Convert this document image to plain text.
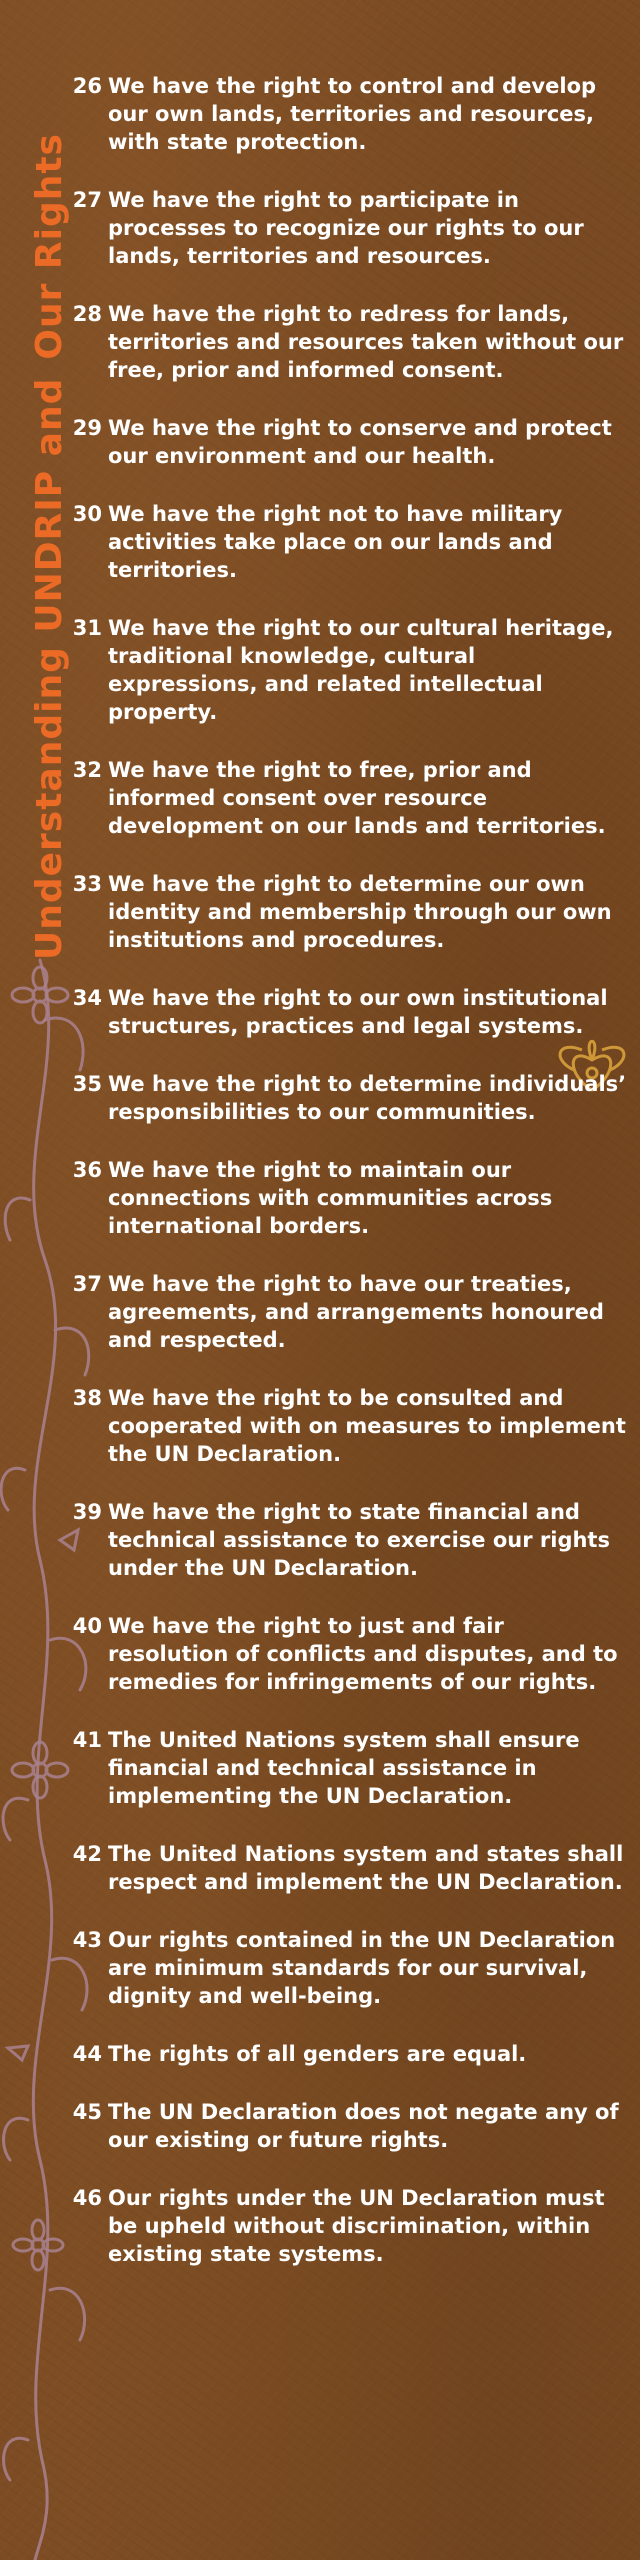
Understanding UNDRIP andOur Rights
26 We have the right to control and develop our own lands, territories and resources, with state protection.
27 We have the right to participate in processes to recognize our rights to our lands, territories and resources.
28 We have the right to redress for lands, territories and resources taken without our free, prior and informed consent.
29 We have the right to conserve and protect our environment and our health.
30 We have the right not to have military activities take place on our lands and territories.
31 We have the right to our cultural heritage, traditional knowledge, cultural expressions, and related intellectual property.
32 We have the right to free, prior and informed consent over resource development on our lands and territories.
33 We have the right to determine our own identity and membership through our own institutions and procedures.
34 We have the right to our own institutional structures, practices and legal systems.
35 We have the right to determine individuals’ responsibilities to our communities.
36 We have the right to maintain our connections with communities across international borders.
37 We have the right to have our treaties, agreements, and arrangements honoured and respected.
38 We have the right to be consulted and cooperated with on measures to implement the UN Declaration.
39 We have the right to state financial and technical assistance to exercise our rights under the UN Declaration.
40 We have the right to just and fair resolution of conflicts and disputes, and to remedies for infringements of our rights.
41 The United Nations system shall ensure financial and technical assistance in implementing the UN Declaration.
42 The United Nations system and states shall respect and implement the UN Declaration.
43 Our rights contained in the UN Declaration are minimum standards for our survival, dignity and well-being.
44 The rights of all genders are equal.
45 The UN Declaration does not negate any of our existing or future rights.
46 Our rights under the UN Declaration must be upheld without discrimination, within existing state systems.
